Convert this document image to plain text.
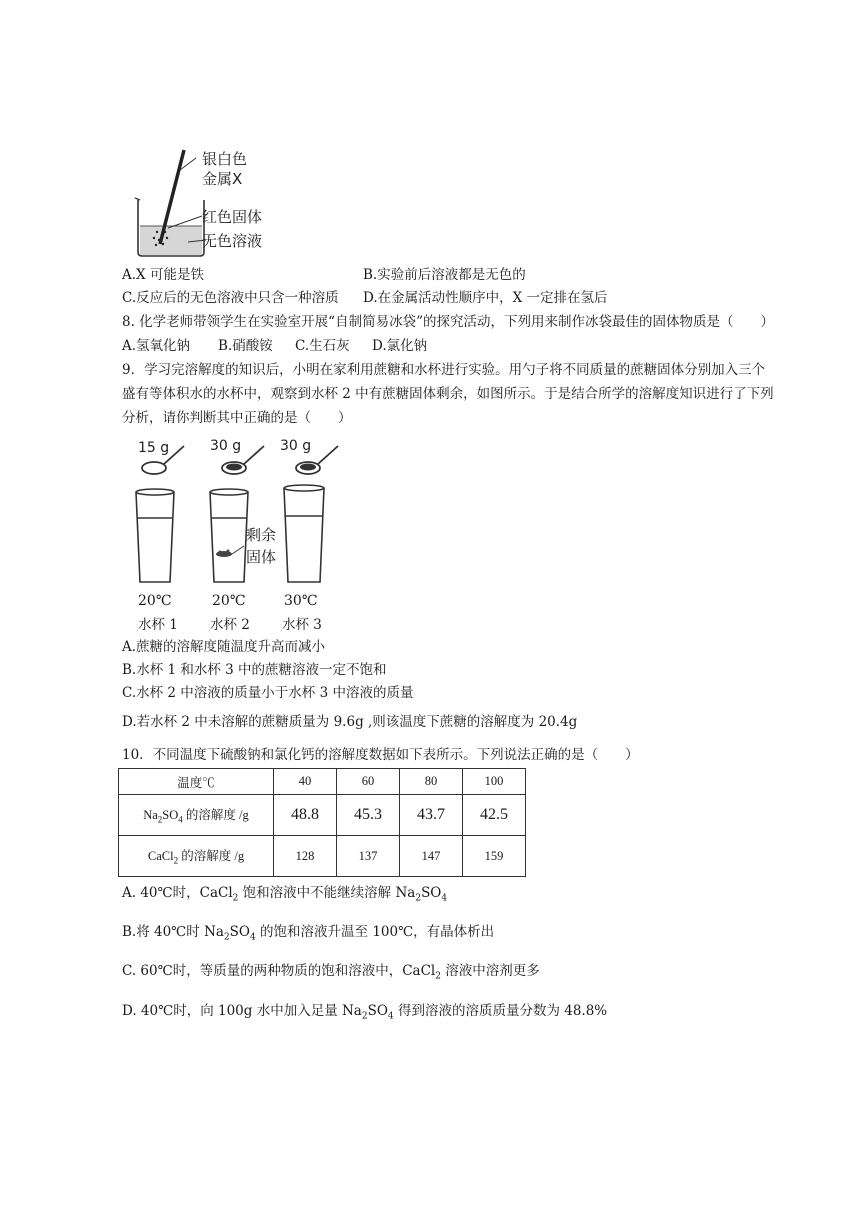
银白色
金属X
红色固体
无色溶液
A.X 可能是铁	B.实验前后溶液都是无色的
C.反应后的无色溶液中只含一种溶质 D.在金属活动性顺序中，X 一定排在氢后
8. 化学老师带领学生在实验室开展“自制简易冰袋”的探究活动，下列用来制作冰袋最佳的固体物质是（　　）
A.氢氧化钠 B.硝酸铵 C.生石灰 D.氯化钠
9．学习完溶解度的知识后，小明在家利用蔗糖和水杯进行实验。用勺子将不同质量的蔗糖固体分别加入三个
盛有等体积水的水杯中，观察到水杯 2 中有蔗糖固体剩余，如图所示。于是结合所学的溶解度知识进行了下列
分析，请你判断其中正确的是（　　）
15 g	30 g	30 g
剩余
固体
20℃	20℃	30℃
水杯 1 水杯 2 水杯 3
A.蔗糖的溶解度随温度升高而减小
B.水杯 1 和水杯 3 中的蔗糖溶液一定不饱和
C.水杯 2 中溶液的质量小于水杯 3 中溶液的质量
D.若水杯 2 中未溶解的蔗糖质量为 9.6g ,则该温度下蔗糖的溶解度为 20.4g
10．不同温度下硫酸钠和氯化钙的溶解度数据如下表所示。下列说法正确的是（　　）
温度℃	40	60	80	100
$Na_2SO_4$ 的溶解度 /g	48.8	45.3	43.7	42.5
CaCl$_2$ 的溶解度 /g	128	137	147	159
A. 40℃时，CaCl$_2$ 饱和溶液中不能继续溶解 $Na_2SO_4$
B.将 40℃时 $Na_2SO_4$ 的饱和溶液升温至 100℃，有晶体析出
C. 60℃时，等质量的两种物质的饱和溶液中，CaCl$_2$ 溶液中溶剂更多
D. 40℃时，向 100g 水中加入足量 $Na_2SO_4$ 得到溶液的溶质质量分数为 48.8%
